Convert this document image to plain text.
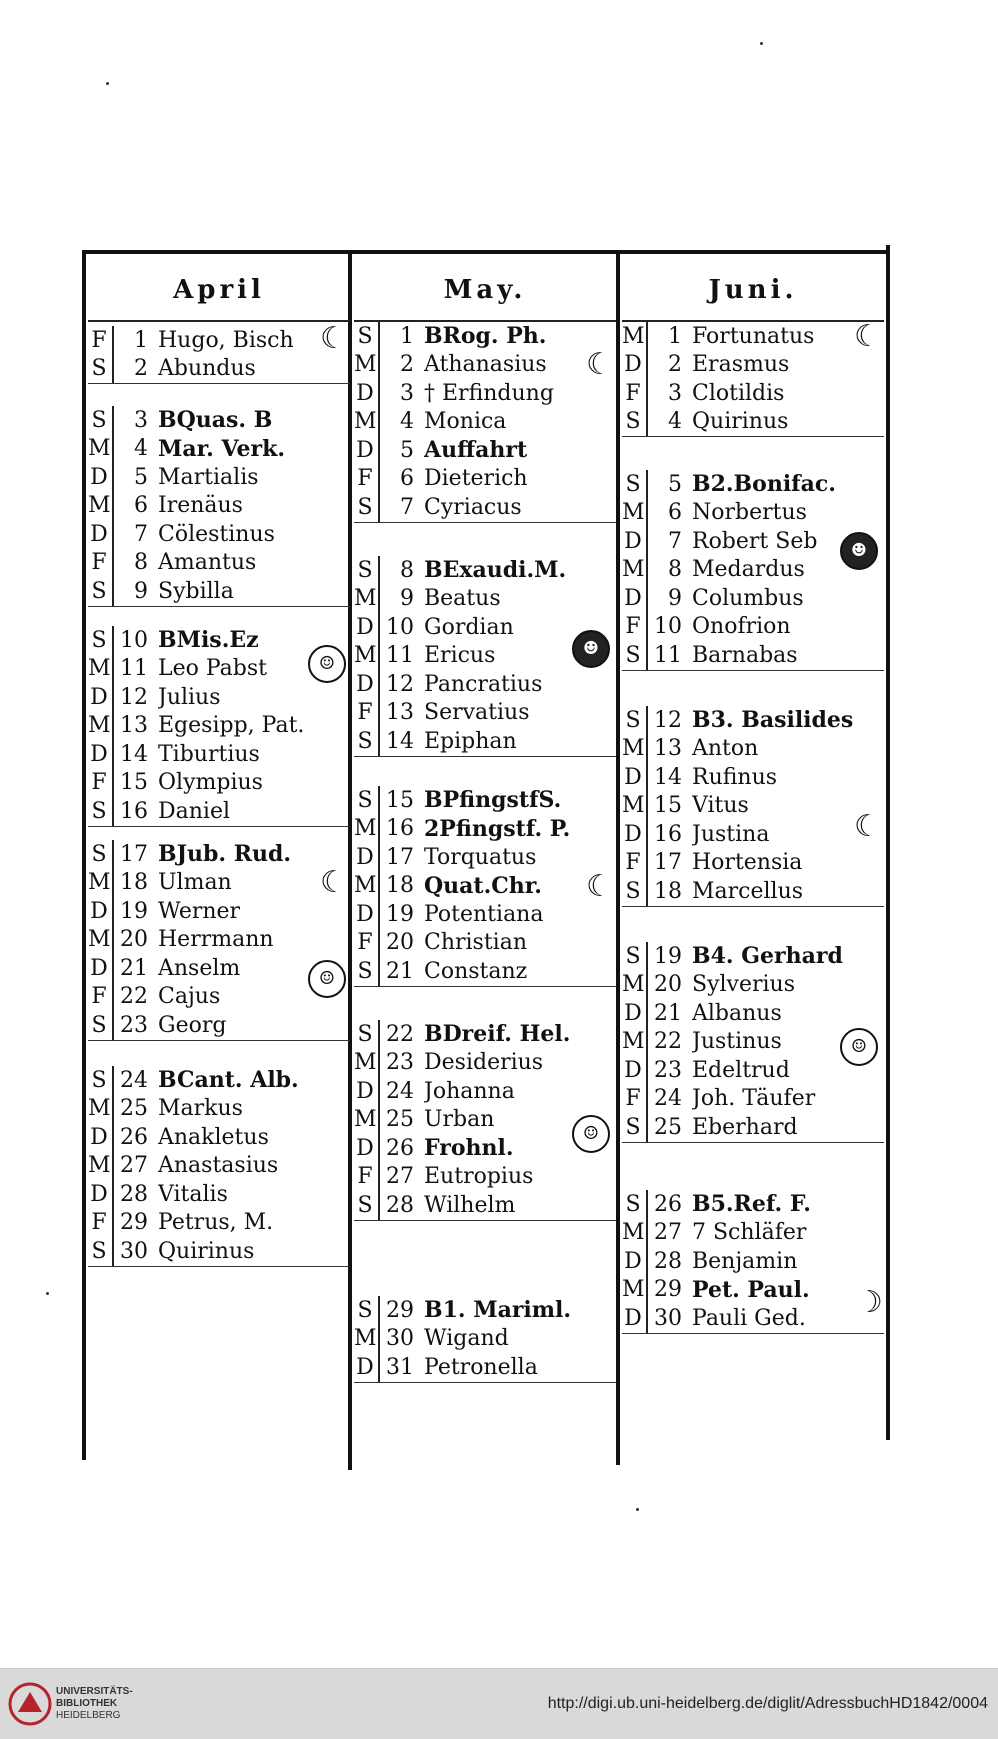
April
F	1 Hugo, Bisch
S	2 Abundus
S	3 BQuas. B
M	4 Mar. Verk.
D	5 Martialis
M	6 Irenäus
D	7 Cölestinus
F	8 Amantus
S	9 Sybilla
S 10 BMis.Ez
M 11 Leo Pabst
D 12 Julius
M 13 Egesipp, Pat.
D 14 Tiburtius
F 15 Olympius
S 16 Daniel
S 17 BJub. Rud.
M 18 Ulman
D 19 Werner
M 20 Herrmann
D 21 Anselm
F 22 Cajus
S 23 Georg
S 24 BCant. Alb.
M 25 Markus
D 26 Anakletus
M 27 Anastasius
D 28 Vitalis
F 29 Petrus, M.
S 30 Quirinus
☾
☾
☺
☺
May.
S	1 BRog. Ph.
M	2 Athanasius
D	3 † Erfindung
M	4 Monica
D	5 Auffahrt
F	6 Dieterich
S	7 Cyriacus
S	8 BExaudi.M.
M	9 Beatus
D 10 Gordian
M 11 Ericus
D 12 Pancratius
F 13 Servatius
S 14 Epiphan
S 15 BPfingstfS.
M 16 2Pfingstf. P.
D 17 Torquatus
M 18 Quat.Chr.
D 19 Potentiana
F 20 Christian
S 21 Constanz
S 22 BDreif. Hel.
M 23 Desiderius
D 24 Johanna
M 25 Urban
D 26 Frohnl.
F 27 Eutropius
S 28 Wilhelm
S 29 B1. Mariml.
M 30 Wigand
D 31 Petronella
☾
☾
☻
☺
Juni.
M	1 Fortunatus
D	2 Erasmus
F	3 Clotildis
S	4 Quirinus
S	5 B2.Bonifac.
M	6 Norbertus
D	7 Robert Seb
M	8 Medardus
D	9 Columbus
F 10 Onofrion
S 11 Barnabas
S 12 B3. Basilides
M 13 Anton
D 14 Rufinus
M 15 Vitus
D 16 Justina
F 17 Hortensia
S 18 Marcellus
S 19 B4. Gerhard
M 20 Sylverius
D 21 Albanus
M 22 Justinus
D 23 Edeltrud
F 24 Joh. Täufer
S 25 Eberhard
S 26 B5.Ref. F.
M 27 7 Schläfer
D 28 Benjamin
M 29 Pet. Paul.
D 30 Pauli Ged.
☾
☾
☽
☻
☺
UNIVERSITÄTS-
BIBLIOTHEK
HEIDELBERG
http://digi.ub.uni-heidelberg.de/diglit/AdressbuchHD1842/0004
